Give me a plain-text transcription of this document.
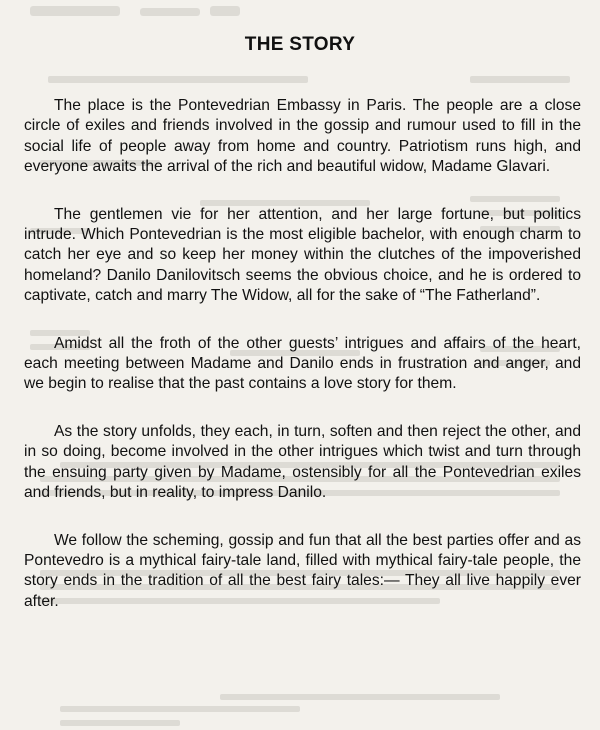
THE STORY

The place is the Pontevedrian Embassy in Paris. The people are a close circle of exiles and friends involved in the gossip and rumour used to fill in the social life of people away from home and country. Patriotism runs high, and everyone awaits the arrival of the rich and beautiful widow, Madame Glavari.

The gentlemen vie for her attention, and her large fortune, but politics intrude. Which Pontevedrian is the most eligible bachelor, with enough charm to catch her eye and so keep her money within the clutches of the impoverished homeland? Danilo Danilovitsch seems the obvious choice, and he is ordered to captivate, catch and marry The Widow, all for the sake of “The Fatherland”.

Amidst all the froth of the other guests’ intrigues and affairs of the heart, each meeting between Madame and Danilo ends in frustration and anger, and we begin to realise that the past contains a love story for them.

As the story unfolds, they each, in turn, soften and then reject the other, and in so doing, become involved in the other intrigues which twist and turn through the ensuing party given by Madame, ostensibly for all the Pontevedrian exiles and friends, but in reality, to impress Danilo.

We follow the scheming, gossip and fun that all the best parties offer and as Pontevedro is a mythical fairy-tale land, filled with mythical fairy-tale people, the story ends in the tradition of all the best fairy tales:— They all live happily ever after.
